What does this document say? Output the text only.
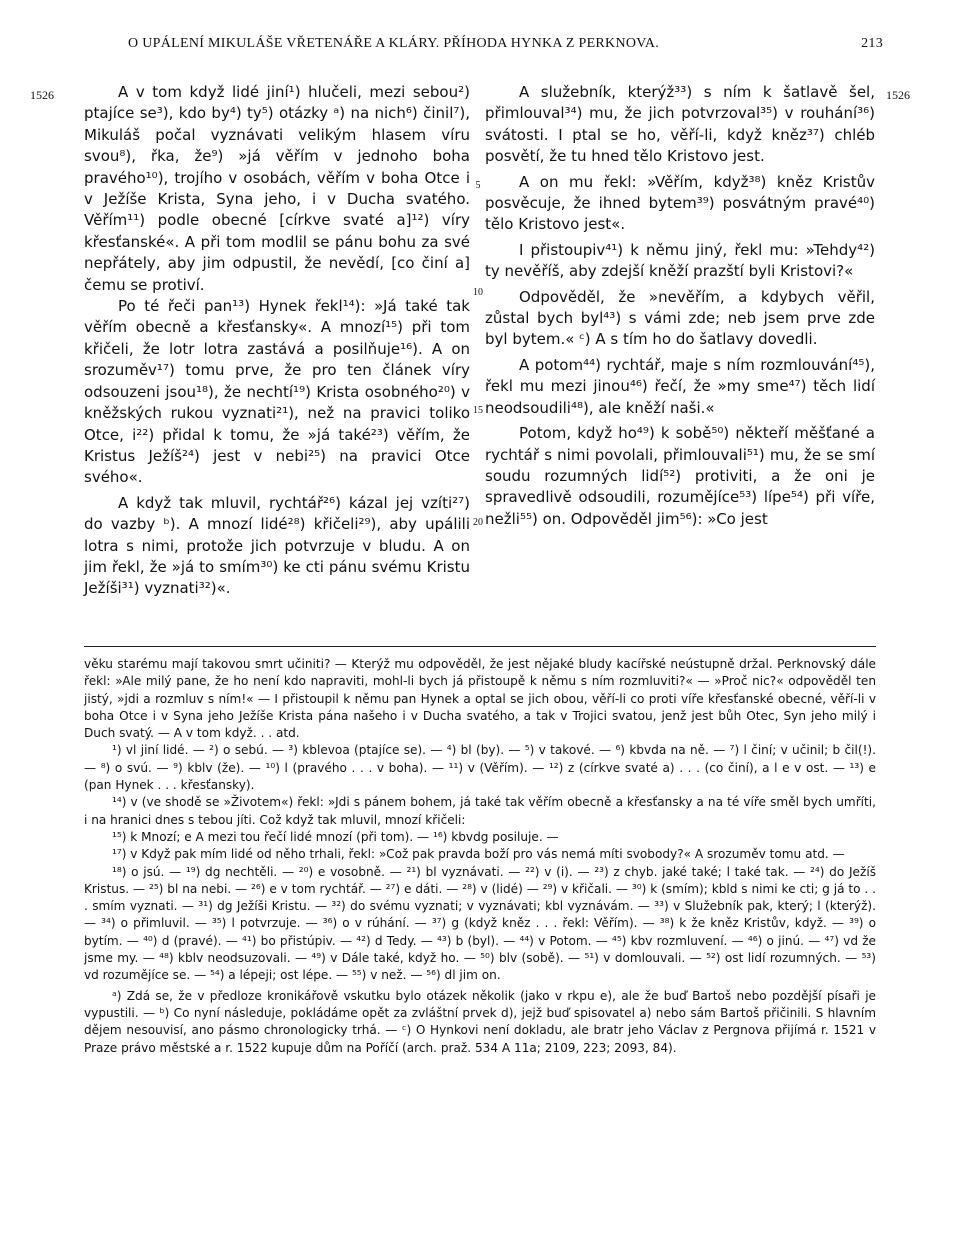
O UPÁLENÍ MIKULÁŠE VŘETENÁŘE A KLÁRY. PŘÍHODA HYNKA Z PERKNOVA.	213
1526	1526
5
10
15
20

A v tom když lidé jiní¹) hlučeli, mezi sebou²) ptajíce se³), kdo by⁴) ty⁵) otázky ᵃ) na nich⁶) činil⁷), Mikuláš počal vyznávati velikým hlasem víru svou⁸), řka, že⁹) »já věřím v jednoho boha pravého¹⁰), trojího v osobách, věřím v boha Otce i v Ježíše Krista, Syna jeho, i v Ducha svatého. Věřím¹¹) podle obecné [církve svaté a]¹²) víry křesťanské«. A při tom modlil se pánu bohu za své nepřátely, aby jim odpustil, že nevědí, [co činí a] čemu se protiví.

Po té řeči pan¹³) Hynek řekl¹⁴): »Já také tak věřím obecně a křesťansky«. A mnozí¹⁵) při tom křičeli, že lotr lotra zastává a posilňuje¹⁶). A on srozuměv¹⁷) tomu prve, že pro ten článek víry odsouzeni jsou¹⁸), že nechtí¹⁹) Krista osobného²⁰) v kněžských rukou vyznati²¹), než na pravici toliko Otce, i²²) přidal k tomu, že »já také²³) věřím, že Kristus Ježíš²⁴) jest v nebi²⁵) na pravici Otce svého«.

A když tak mluvil, rychtář²⁶) kázal jej vzíti²⁷) do vazby ᵇ). A mnozí lidé²⁸) křičeli²⁹), aby upálili lotra s nimi, protože jich potvrzuje v bludu. A on jim řekl, že »já to smím³⁰) ke cti pánu svému Kristu Ježíši³¹) vyznati³²)«.

A služebník, kterýž³³) s ním k šatlavě šel, přimlouval³⁴) mu, že jich potvrzoval³⁵) v rouhání³⁶) svátosti. I ptal se ho, věří-li, když kněz³⁷) chléb posvětí, že tu hned tělo Kristovo jest.

A on mu řekl: »Věřím, když³⁸) kněz Kristův posvěcuje, že ihned bytem³⁹) posvátným pravé⁴⁰) tělo Kristovo jest«.

I přistoupiv⁴¹) k němu jiný, řekl mu: »Tehdy⁴²) ty nevěříš, aby zdejší kněží prazští byli Kristovi?«

Odpověděl, že »nevěřím, a kdybych věřil, zůstal bych byl⁴³) s vámi zde; neb jsem prve zde byl bytem.« ᶜ) A s tím ho do šatlavy dovedli.

A potom⁴⁴) rychtář, maje s ním rozmlouvání⁴⁵), řekl mu mezi jinou⁴⁶) řečí, že »my sme⁴⁷) těch lidí neodsoudili⁴⁸), ale kněží naši.«

Potom, když ho⁴⁹) k sobě⁵⁰) někteří měšťané a rychtář s nimi povolali, přimlouvali⁵¹) mu, že se smí soudu rozumných lidí⁵²) protiviti, a že oni je spravedlivě odsoudili, rozumějíce⁵³) lípe⁵⁴) při víře, nežli⁵⁵) on. Odpověděl jim⁵⁶): »Co jest

věku starému mají takovou smrt učiniti? — Kterýž mu odpověděl, že jest nějaké bludy kacířské neústupně držal. Perknovský dále řekl: »Ale milý pane, že ho není kdo napraviti, mohl-li bych já přistoupě k němu s ním rozmluviti?« — »Proč nic?« odpověděl ten jistý, »jdi a rozmluv s ním!« — I přistoupil k němu pan Hynek a optal se jich obou, věří-li co proti víře křesťanské obecné, věří-li v boha Otce i v Syna jeho Ježíše Krista pána našeho i v Ducha svatého, a tak v Trojici svatou, jenž jest bůh Otec, Syn jeho milý i Duch svatý. — A v tom když. . . atd.

¹) vl jiní lidé. — ²) o sebú. — ³) kblevoa (ptajíce se). — ⁴) bl (by). — ⁵) v takové. — ⁶) kbvda na ně. — ⁷) l činí; v učinil; b čil(!). — ⁸) o svú. — ⁹) kblv (že). — ¹⁰) l (pravého . . . v boha). — ¹¹) v (Věřím). — ¹²) z (církve svaté a) . . . (co činí), a l e v ost. — ¹³) e (pan Hynek . . . křesťansky).

¹⁴) v (ve shodě se »Životem«) řekl: »Jdi s pánem bohem, já také tak věřím obecně a křesťansky a na té víře směl bych umříti, i na hranici dnes s tebou jíti. Což když tak mluvil, mnozí křičeli:

¹⁵) k Mnozí; e A mezi tou řečí lidé mnozí (při tom). — ¹⁶) kbvdg posiluje. —

¹⁷) v Když pak mím lidé od něho trhali, řekl: »Což pak pravda boží pro vás nemá míti svobody?« A srozuměv tomu atd. —

¹⁸) o jsú. — ¹⁹) dg nechtěli. — ²⁰) e vosobně. — ²¹) bl vyznávati. — ²²) v (i). — ²³) z chyb. jaké také; l také tak. — ²⁴) do Ježíš Kristus. — ²⁵) bl na nebi. — ²⁶) e v tom rychtář. — ²⁷) e dáti. — ²⁸) v (lidé) — ²⁹) v křičali. — ³⁰) k (smím); kbld s nimi ke cti; g já to . . . smím vyznati. — ³¹) dg Ježíši Kristu. — ³²) do svému vyznati; v vyznávati; kbl vyznávám. — ³³) v Služebník pak, který; l (kterýž). — ³⁴) o přimluvil. — ³⁵) l potvrzuje. — ³⁶) o v rúhání. — ³⁷) g (když kněz . . . řekl: Věřím). — ³⁸) k že kněz Kristův, když. — ³⁹) o bytím. — ⁴⁰) d (pravé). — ⁴¹) bo přistúpiv. — ⁴²) d Tedy. — ⁴³) b (byl). — ⁴⁴) v Potom. — ⁴⁵) kbv rozmluvení. — ⁴⁶) o jinú. — ⁴⁷) vd že jsme my. — ⁴⁸) kblv neodsuzovali. — ⁴⁹) v Dále také, když ho. — ⁵⁰) blv (sobě). — ⁵¹) v domlouvali. — ⁵²) ost lidí rozumných. — ⁵³) vd rozumějíce se. — ⁵⁴) a lépeji; ost lépe. — ⁵⁵) v než. — ⁵⁶) dl jim on.

ᵃ) Zdá se, že v předloze kronikářově vskutku bylo otázek několik (jako v rkpu e), ale že buď Bartoš nebo pozdější písaři je vypustili. — ᵇ) Co nyní následuje, pokládáme opět za zvláštní prvek d), jejž buď spisovatel a) nebo sám Bartoš přičinili. S hlavním dějem nesouvisí, ano pásmo chronologicky trhá. — ᶜ) O Hynkovi není dokladu, ale bratr jeho Václav z Pergnova přijímá r. 1521 v Praze právo městské a r. 1522 kupuje dům na Poříčí (arch. praž. 534 A 11a; 2109, 223; 2093, 84).
